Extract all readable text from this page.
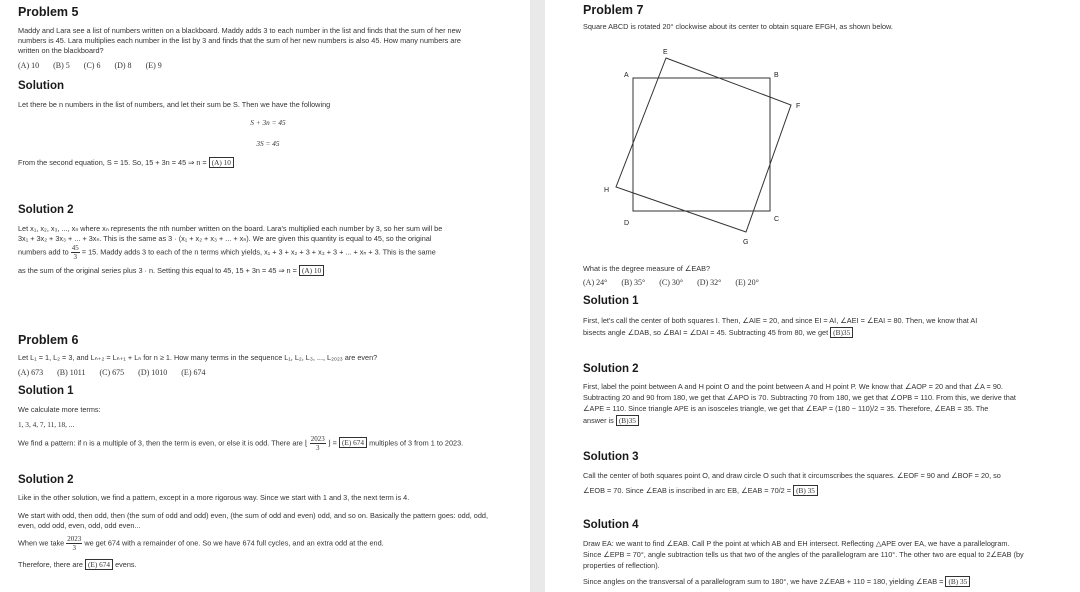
Problem 5
Maddy and Lara see a list of numbers written on a blackboard. Maddy adds 3 to each number in the list and finds that the sum of her new
numbers is 45. Lara multiplies each number in the list by 3 and finds that the sum of her new numbers is also 45. How many numbers are
written on the blackboard?
(A) 10 (B) 5 (C) 6 (D) 8 (E) 9
Solution
Let there be n numbers in the list of numbers, and let their sum be S. Then we have the following
S + 3n = 45
3S = 45
From the second equation, S = 15. So, 15 + 3n = 45 ⇒ n = (A) 10
Solution 2
Let x₁, x₂, x₃, ..., xₙ where xₙ represents the nth number written on the board. Lara's multiplied each number by 3, so her sum will be
3x₁ + 3x₂ + 3x₃ + ... + 3xₙ. This is the same as 3 · (x₁ + x₂ + x₃ + ... + xₙ). We are given this quantity is equal to 45, so the original
numbers add to $\frac{45}{3} = 15$. Maddy adds 3 to each of the n terms which yields, x₁ + 3 + x₂ + 3 + x₃ + 3 + ... + xₙ + 3. This is the same
as the sum of the original series plus 3 · n. Setting this equal to 45, 15 + 3n = 45 ⇒ n = (A) 10
Problem 6
Let L₁ = 1, L₂ = 3, and Lₙ₊₂ = Lₙ₊₁ + Lₙ for n ≥ 1. How many terms in the sequence L₁, L₂, L₃, ..., L₂₀₂₃ are even?
(A) 673 (B) 1011 (C) 675 (D) 1010 (E) 674
Solution 1
We calculate more terms:
1, 3, 4, 7, 11, 18, ...
We find a pattern: if n is a multiple of 3, then the term is even, or else it is odd. There are ⌊ $\frac{2023}{3}$ ⌋ = (E) 674 multiples of 3 from 1 to 2023.
Solution 2
Like in the other solution, we find a pattern, except in a more rigorous way. Since we start with 1 and 3, the next term is 4.
We start with odd, then odd, then (the sum of odd and odd) even, (the sum of odd and even) odd, and so on. Basically the pattern goes: odd, odd,
even, odd odd, even, odd, odd even...
When we take $\frac{2023}{3}$ we get 674 with a remainder of one. So we have 674 full cycles, and an extra odd at the end.
Therefore, there are (E) 674 evens.
Problem 7
Square ABCD is rotated 20° clockwise about its center to obtain square EFGH, as shown below.
A	B
C
D
E
F
G
H
What is the degree measure of ∠EAB?
(A) 24° (B) 35° (C) 30° (D) 32° (E) 20°
Solution 1
First, let's call the center of both squares I. Then, ∠AIE = 20, and since EI = AI, ∠AEI = ∠EAI = 80. Then, we know that AI
bisects angle ∠DAB, so ∠BAI = ∠DAI = 45. Subtracting 45 from 80, we get (B)35
Solution 2
First, label the point between A and H point O and the point between A and H point P. We know that ∠AOP = 20 and that ∠A = 90.
Subtracting 20 and 90 from 180, we get that ∠APO is 70. Subtracting 70 from 180, we get that ∠OPB = 110. From this, we derive that
∠APE = 110. Since triangle APE is an isosceles triangle, we get that ∠EAP = (180 − 110)/2 = 35. Therefore, ∠EAB = 35. The
answer is (B)35
Solution 3
Call the center of both squares point O, and draw circle O such that it circumscribes the squares. ∠EOF = 90 and ∠BOF = 20, so
∠EOB = 70. Since ∠EAB is inscribed in arc EB, ∠EAB = 70/2 = (B) 35
Solution 4
Draw EA: we want to find ∠EAB. Call P the point at which AB and EH intersect. Reflecting △APE over EA, we have a parallelogram.
Since ∠EPB = 70°, angle subtraction tells us that two of the angles of the parallelogram are 110°. The other two are equal to 2∠EAB (by
properties of reflection).
Since angles on the transversal of a parallelogram sum to 180°, we have 2∠EAB + 110 = 180, yielding ∠EAB = (B) 35
